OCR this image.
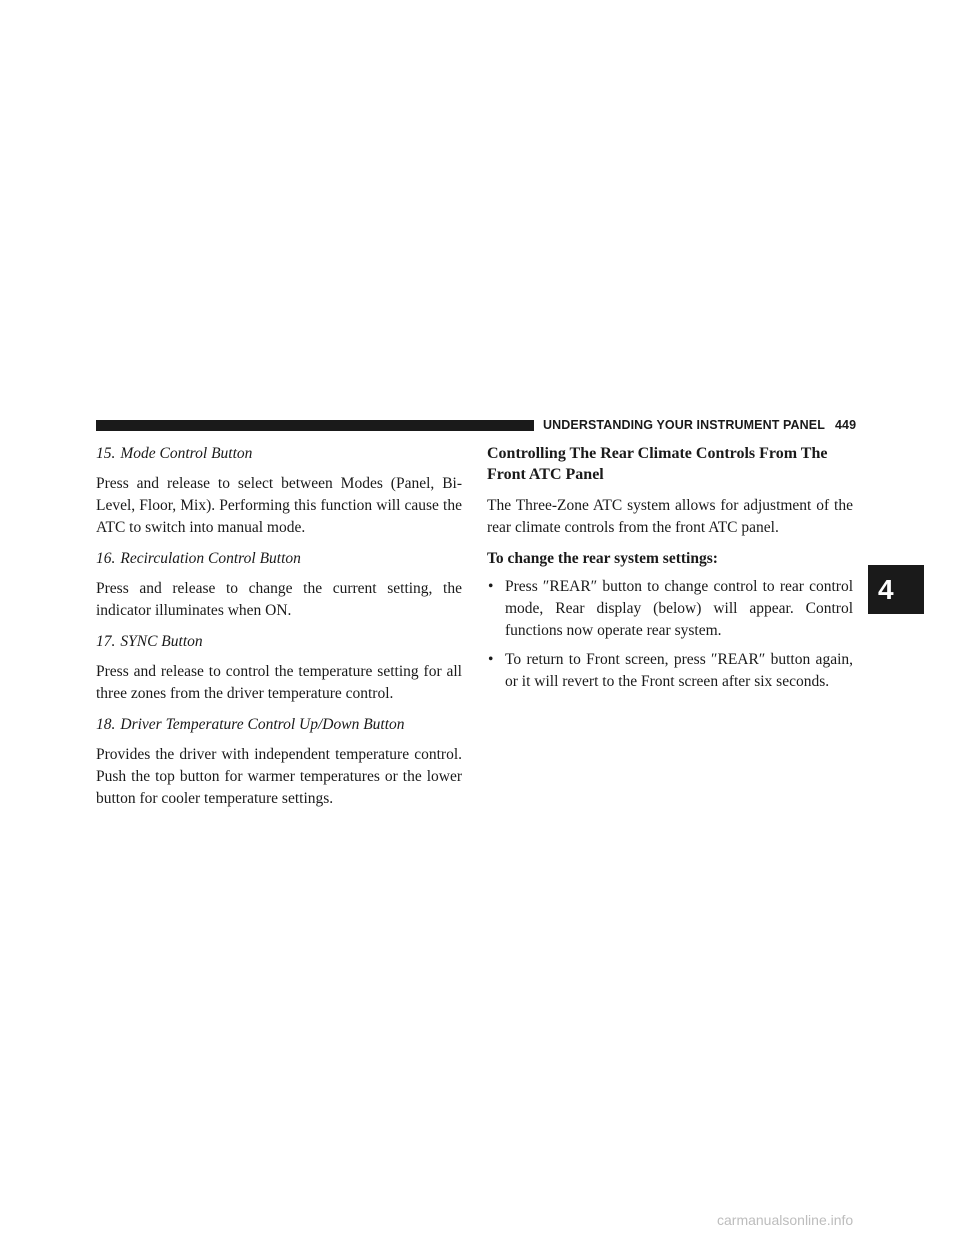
UNDERSTANDING YOUR INSTRUMENT PANEL 449

15. Mode Control Button

Press and release to select between Modes (Panel, Bi-Level, Floor, Mix). Performing this function will cause the ATC to switch into manual mode.

16. Recirculation Control Button

Press and release to change the current setting, the indicator illuminates when ON.

17. SYNC Button

Press and release to control the temperature setting for all three zones from the driver temperature control.

18. Driver Temperature Control Up/Down Button

Provides the driver with independent temperature control. Push the top button for warmer temperatures or the lower button for cooler temperature settings.

Controlling The Rear Climate Controls From The Front ATC Panel

The Three-Zone ATC system allows for adjustment of the rear climate controls from the front ATC panel.

To change the rear system settings:

• Press ″REAR″ button to change control to rear control mode, Rear display (below) will appear. Control functions now operate rear system.
• To return to Front screen, press ″REAR″ button again, or it will revert to the Front screen after six seconds.
4
carmanualsonline.info
